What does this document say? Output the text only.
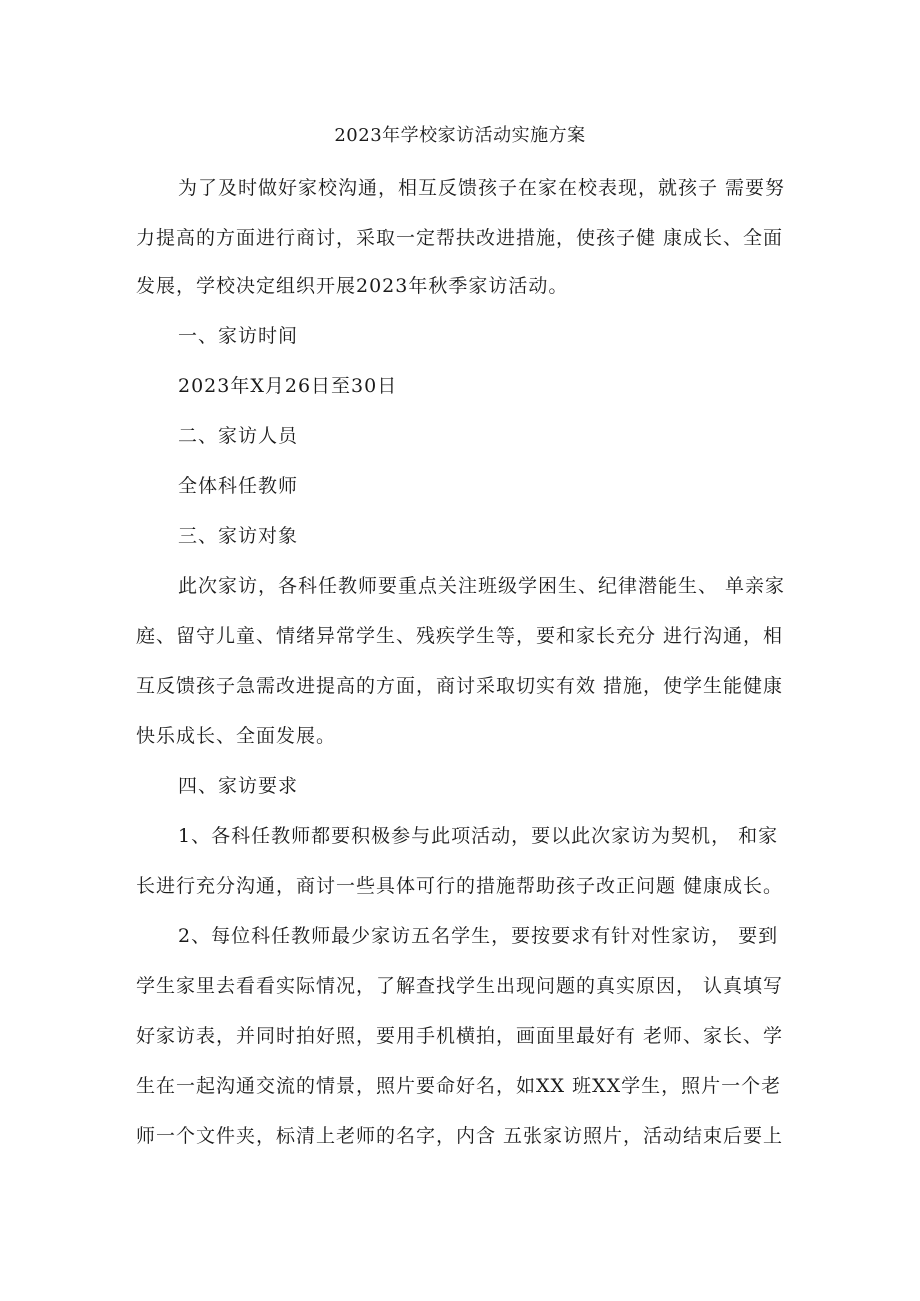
2023年学校家访活动实施方案
为了及时做好家校沟通，相互反馈孩子在家在校表现，就孩子 需要努
力提高的方面进行商讨，采取一定帮扶改进措施，使孩子健 康成长、全面
发展，学校决定组织开展2023年秋季家访活动。
一、家访时间
2023年X月26日至30日
二、家访人员
全体科任教师
三、家访对象
此次家访，各科任教师要重点关注班级学困生、纪律潜能生、 单亲家
庭、留守儿童、情绪异常学生、残疾学生等，要和家长充分 进行沟通，相
互反馈孩子急需改进提高的方面，商讨采取切实有效 措施，使学生能健康
快乐成长、全面发展。
四、家访要求
1、各科任教师都要积极参与此项活动，要以此次家访为契机， 和家
长进行充分沟通，商讨一些具体可行的措施帮助孩子改正问题 健康成长。
2、每位科任教师最少家访五名学生，要按要求有针对性家访， 要到
学生家里去看看实际情况，了解查找学生出现问题的真实原因， 认真填写
好家访表，并同时拍好照，要用手机横拍，画面里最好有 老师、家长、学
生在一起沟通交流的情景，照片要命好名，如XX 班XX学生，照片一个老
师一个文件夹，标清上老师的名字，内含 五张家访照片，活动结束后要上
